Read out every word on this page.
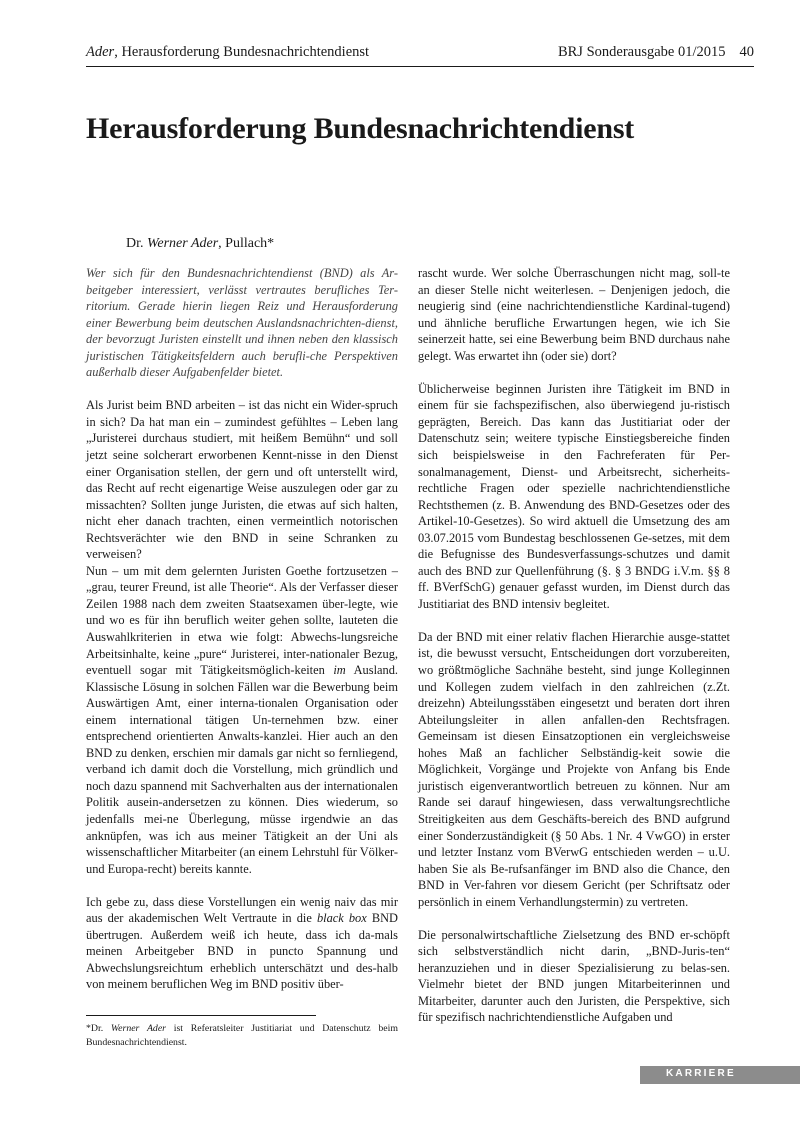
Ader, Herausforderung Bundesnachrichtendienst	BRJ Sonderausgabe 01/2015 40
Herausforderung Bundesnachrichtendienst
Dr. Werner Ader, Pullach*

Wer sich für den Bundesnachrichtendienst (BND) als Ar-beitgeber interessiert, verlässt vertrautes berufliches Ter-ritorium. Gerade hierin liegen Reiz und Herausforderung einer Bewerbung beim deutschen Auslandsnachrichten-dienst, der bevorzugt Juristen einstellt und ihnen neben den klassisch juristischen Tätigkeitsfeldern auch berufli-che Perspektiven außerhalb dieser Aufgabenfelder bietet.

Als Jurist beim BND arbeiten – ist das nicht ein Wider-spruch in sich? Da hat man ein – zumindest gefühltes – Leben lang „Juristerei durchaus studiert, mit heißem Bemühn“ und soll jetzt seine solcherart erworbenen Kennt-nisse in den Dienst einer Organisation stellen, der gern und oft unterstellt wird, das Recht auf recht eigenartige Weise auszulegen oder gar zu missachten? Sollten junge Juristen, die etwas auf sich halten, nicht eher danach trachten, einen vermeintlich notorischen Rechtsverächter wie den BND in seine Schranken zu verweisen?

Nun – um mit dem gelernten Juristen Goethe fortzusetzen – „grau, teurer Freund, ist alle Theorie“. Als der Verfasser dieser Zeilen 1988 nach dem zweiten Staatsexamen über-legte, wie und wo es für ihn beruflich weiter gehen sollte, lauteten die Auswahlkriterien in etwa wie folgt: Abwechs-lungsreiche Arbeitsinhalte, keine „pure“ Juristerei, inter-nationaler Bezug, eventuell sogar mit Tätigkeitsmöglich-keiten im Ausland. Klassische Lösung in solchen Fällen war die Bewerbung beim Auswärtigen Amt, einer interna-tionalen Organisation oder einem international tätigen Un-ternehmen bzw. einer entsprechend orientierten Anwalts-kanzlei. Hier auch an den BND zu denken, erschien mir damals gar nicht so fernliegend, verband ich damit doch die Vorstellung, mich gründlich und noch dazu spannend mit Sachverhalten aus der internationalen Politik ausein-andersetzen zu können. Dies wiederum, so jedenfalls mei-ne Überlegung, müsse irgendwie an das anknüpfen, was ich aus meiner Tätigkeit an der Uni als wissenschaftlicher Mitarbeiter (an einem Lehrstuhl für Völker- und Europa-recht) bereits kannte.

Ich gebe zu, dass diese Vorstellungen ein wenig naiv das mir aus der akademischen Welt Vertraute in die black box BND übertrugen. Außerdem weiß ich heute, dass ich da-mals meinen Arbeitgeber BND in puncto Spannung und Abwechslungsreichtum erheblich unterschätzt und des-halb von meinem beruflichen Weg im BND positiv über-

rascht wurde. Wer solche Überraschungen nicht mag, soll-te an dieser Stelle nicht weiterlesen. – Denjenigen jedoch, die neugierig sind (eine nachrichtendienstliche Kardinal-tugend) und ähnliche berufliche Erwartungen hegen, wie ich Sie seinerzeit hatte, sei eine Bewerbung beim BND durchaus nahe gelegt. Was erwartet ihn (oder sie) dort?

Üblicherweise beginnen Juristen ihre Tätigkeit im BND in einem für sie fachspezifischen, also überwiegend ju-ristisch geprägten, Bereich. Das kann das Justitiariat oder der Datenschutz sein; weitere typische Einstiegsbereiche finden sich beispielsweise in den Fachreferaten für Per-sonalmanagement, Dienst- und Arbeitsrecht, sicherheits-rechtliche Fragen oder spezielle nachrichtendienstliche Rechtsthemen (z. B. Anwendung des BND-Gesetzes oder des Artikel-10-Gesetzes). So wird aktuell die Umsetzung des am 03.07.2015 vom Bundestag beschlossenen Ge-setzes, mit dem die Befugnisse des Bundesverfassungs-schutzes und damit auch des BND zur Quellenführung (§. § 3 BNDG i.V.m. §§ 8 ff. BVerfSchG) genauer gefasst wurden, im Dienst durch das Justitiariat des BND intensiv begleitet.

Da der BND mit einer relativ flachen Hierarchie ausge-stattet ist, die bewusst versucht, Entscheidungen dort vorzubereiten, wo größtmögliche Sachnähe besteht, sind junge Kolleginnen und Kollegen zudem vielfach in den zahlreichen (z.Zt. dreizehn) Abteilungsstäben eingesetzt und beraten dort ihren Abteilungsleiter in allen anfallen-den Rechtsfragen. Gemeinsam ist diesen Einsatzoptionen ein vergleichsweise hohes Maß an fachlicher Selbständig-keit sowie die Möglichkeit, Vorgänge und Projekte von Anfang bis Ende juristisch eigenverantwortlich betreuen zu können. Nur am Rande sei darauf hingewiesen, dass verwaltungsrechtliche Streitigkeiten aus dem Geschäfts-bereich des BND aufgrund einer Sonderzuständigkeit (§ 50 Abs. 1 Nr. 4 VwGO) in erster und letzter Instanz vom BVerwG entschieden werden – u.U. haben Sie als Be-rufsanfänger im BND also die Chance, den BND in Ver-fahren vor diesem Gericht (per Schriftsatz oder persönlich in einem Verhandlungstermin) zu vertreten.

Die personalwirtschaftliche Zielsetzung des BND er-schöpft sich selbstverständlich nicht darin, „BND-Juris-ten“ heranzuziehen und in dieser Spezialisierung zu belas-sen. Vielmehr bietet der BND jungen Mitarbeiterinnen und Mitarbeiter, darunter auch den Juristen, die Perspektive, sich für spezifisch nachrichtendienstliche Aufgaben und

*Dr. Werner Ader ist Referatsleiter Justitiariat und Datenschutz beim Bundesnachrichtendienst.
KARRIERE
